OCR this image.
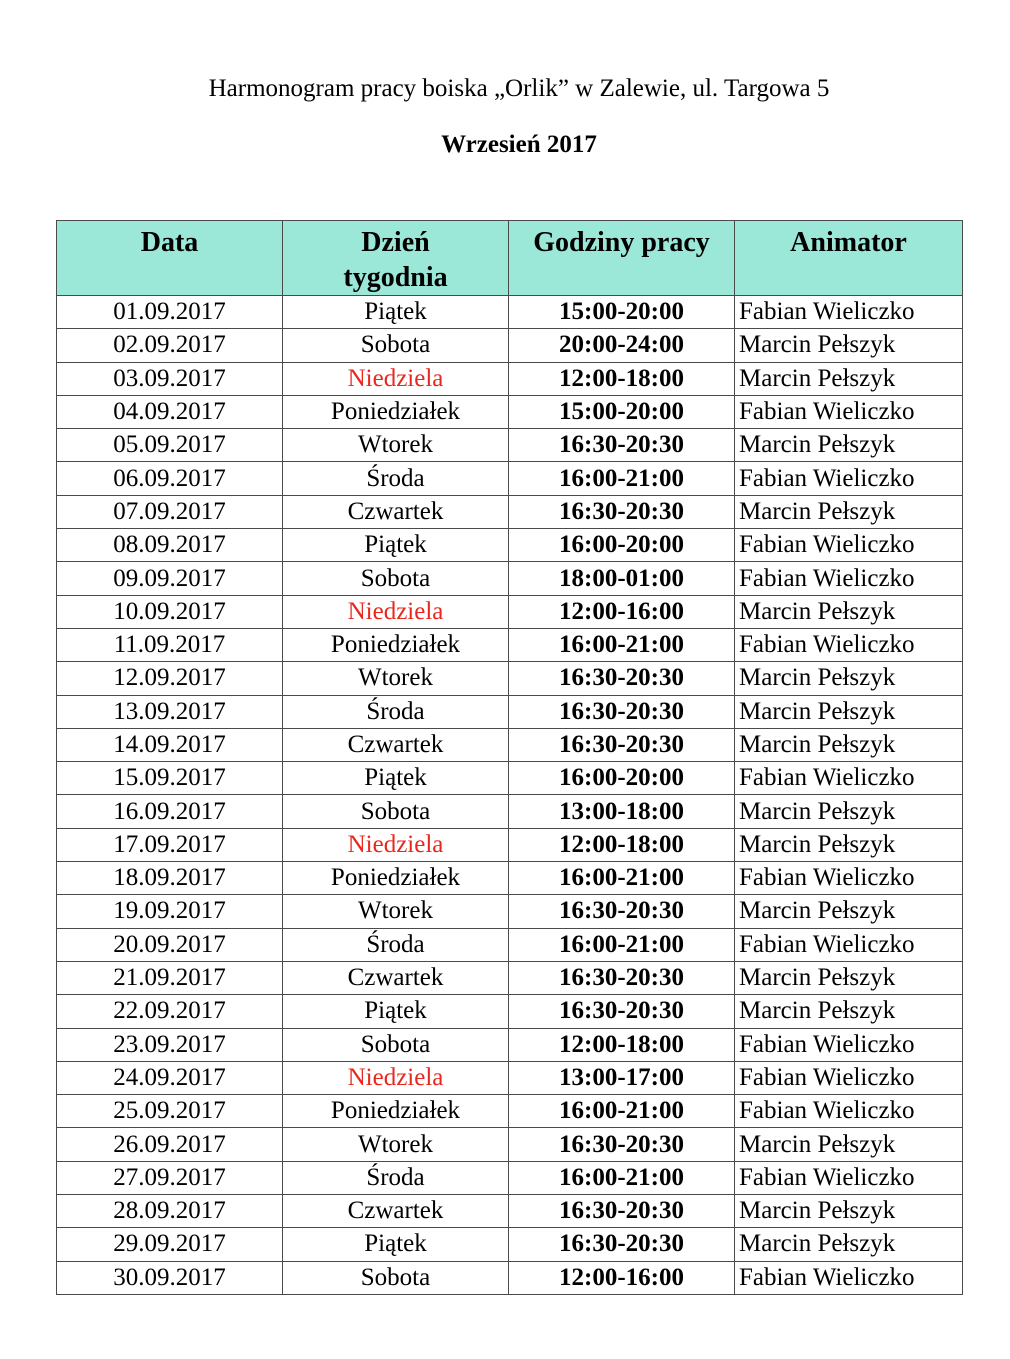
Harmonogram pracy boiska „Orlik” w Zalewie, ul. Targowa 5
Wrzesień 2017
Data	Dzień tygodnia	Godziny pracy	Animator
01.09.2017	Piątek	15:00-20:00	Fabian Wieliczko
02.09.2017	Sobota	20:00-24:00	Marcin Pełszyk
03.09.2017	Niedziela	12:00-18:00	Marcin Pełszyk
04.09.2017	Poniedziałek	15:00-20:00	Fabian Wieliczko
05.09.2017	Wtorek	16:30-20:30	Marcin Pełszyk
06.09.2017	Środa	16:00-21:00	Fabian Wieliczko
07.09.2017	Czwartek	16:30-20:30	Marcin Pełszyk
08.09.2017	Piątek	16:00-20:00	Fabian Wieliczko
09.09.2017	Sobota	18:00-01:00	Fabian Wieliczko
10.09.2017	Niedziela	12:00-16:00	Marcin Pełszyk
11.09.2017	Poniedziałek	16:00-21:00	Fabian Wieliczko
12.09.2017	Wtorek	16:30-20:30	Marcin Pełszyk
13.09.2017	Środa	16:30-20:30	Marcin Pełszyk
14.09.2017	Czwartek	16:30-20:30	Marcin Pełszyk
15.09.2017	Piątek	16:00-20:00	Fabian Wieliczko
16.09.2017	Sobota	13:00-18:00	Marcin Pełszyk
17.09.2017	Niedziela	12:00-18:00	Marcin Pełszyk
18.09.2017	Poniedziałek	16:00-21:00	Fabian Wieliczko
19.09.2017	Wtorek	16:30-20:30	Marcin Pełszyk
20.09.2017	Środa	16:00-21:00	Fabian Wieliczko
21.09.2017	Czwartek	16:30-20:30	Marcin Pełszyk
22.09.2017	Piątek	16:30-20:30	Marcin Pełszyk
23.09.2017	Sobota	12:00-18:00	Fabian Wieliczko
24.09.2017	Niedziela	13:00-17:00	Fabian Wieliczko
25.09.2017	Poniedziałek	16:00-21:00	Fabian Wieliczko
26.09.2017	Wtorek	16:30-20:30	Marcin Pełszyk
27.09.2017	Środa	16:00-21:00	Fabian Wieliczko
28.09.2017	Czwartek	16:30-20:30	Marcin Pełszyk
29.09.2017	Piątek	16:30-20:30	Marcin Pełszyk
30.09.2017	Sobota	12:00-16:00	Fabian Wieliczko
